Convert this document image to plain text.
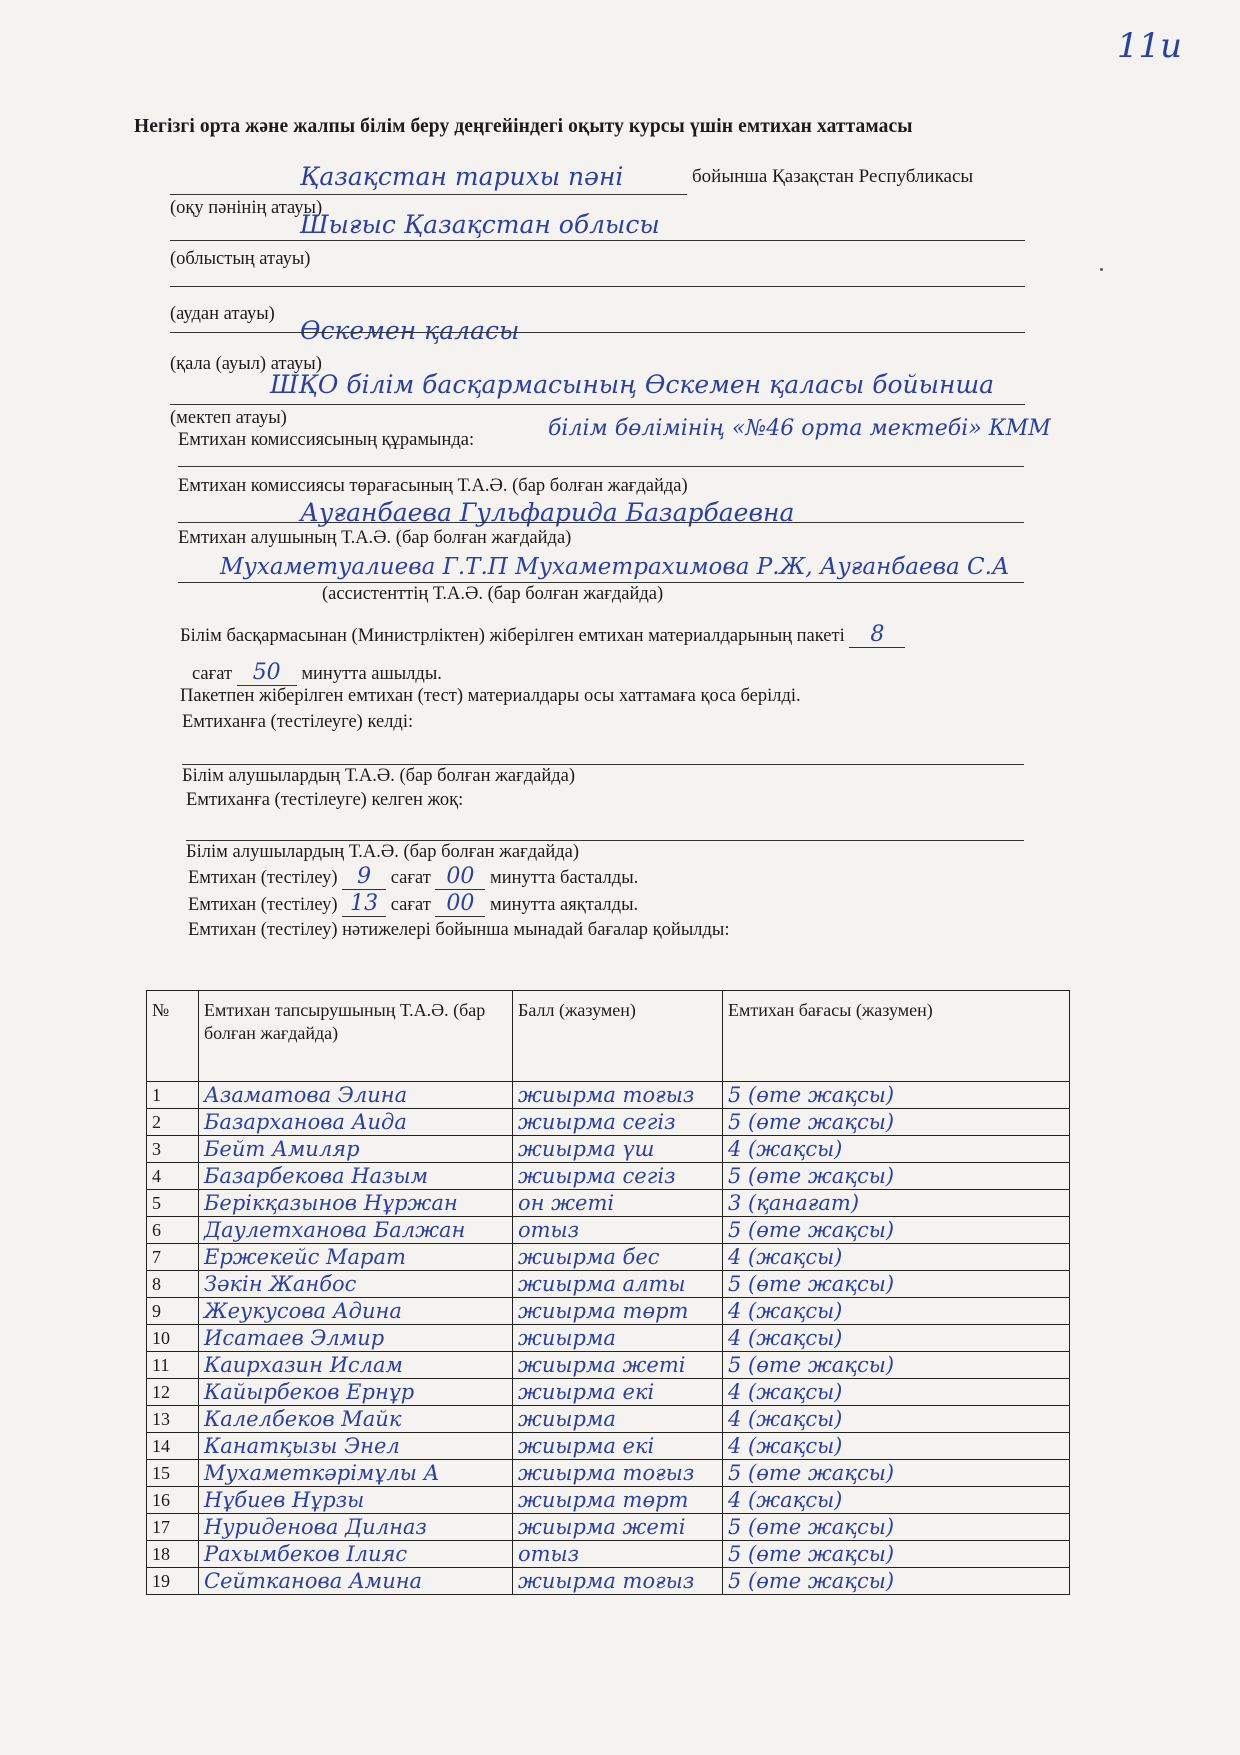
11и
Негізгі орта және жалпы білім беру деңгейіндегі оқыту курсы үшін емтихан хаттамасы
Қазақстан тарихы пәні	бойынша Қазақстан Республикасы
(оқу пәнінің атауы)
Шығыс Қазақстан облысы
(облыстың атауы)
(аудан атауы)
Өскемен қаласы
(қала (ауыл) атауы)
ШҚО білім басқармасының Өскемен қаласы бойынша
(мектеп атауы)
Емтихан комиссиясының құрамында:	білім бөлімінің «№46 орта мектебі» КММ
Емтихан комиссиясы төрағасының Т.А.Ә. (бар болған жағдайда)
Ауғанбаева Гульфарида Базарбаевна
Емтихан алушының Т.А.Ә. (бар болған жағдайда)
Мухаметуалиева Г.Т.П Мухаметрахимова Р.Ж, Ауғанбаева С.А
(ассистенттің Т.А.Ә. (бар болған жағдайда)
Білім басқармасынан (Министрліктен) жіберілген емтихан материалдарының пакеті 8
сағат 50 минутта ашылды.
Пакетпен жіберілген емтихан (тест) материалдары осы хаттамаға қоса берілді.
Емтиханға (тестілеуге) келді:
Білім алушылардың Т.А.Ә. (бар болған жағдайда)
Емтиханға (тестілеуге) келген жоқ:
Білім алушылардың Т.А.Ә. (бар болған жағдайда)
Емтихан (тестілеу) 9 сағат 00 минутта басталды.
Емтихан (тестілеу) 13 сағат 00 минутта аяқталды.
Емтихан (тестілеу) нәтижелері бойынша мынадай бағалар қойылды:
№	Емтихан тапсырушының Т.А.Ә. (бар болған жағдайда)	Балл (жазумен)	Емтихан бағасы (жазумен)
1	Азаматова Элина	жиырма тоғыз	5 (өте жақсы)
2	Базарханова Аида	жиырма сегіз	5 (өте жақсы)
3	Бейт Амиляр	жиырма үш	4 (жақсы)
4	Базарбекова Назым	жиырма сегіз	5 (өте жақсы)
5	Берікқазынов Нұржан	он жеті	3 (қанағат)
6	Даулетханова Балжан	отыз	5 (өте жақсы)
7	Ержекейс Марат	жиырма бес	4 (жақсы)
8	Зәкін Жанбос	жиырма алты	5 (өте жақсы)
9	Жеукусова Адина	жиырма төрт	4 (жақсы)
10	Исатаев Элмир	жиырма	4 (жақсы)
11	Каирхазин Ислам	жиырма жеті	5 (өте жақсы)
12	Кайырбеков Ернұр	жиырма екі	4 (жақсы)
13	Калелбеков Майк	жиырма	4 (жақсы)
14	Канатқызы Энел	жиырма екі	4 (жақсы)
15	Мухаметкәрімұлы А	жиырма тоғыз	5 (өте жақсы)
16	Нұбиев Нұрзы	жиырма төрт	4 (жақсы)
17	Нуриденова Дилназ	жиырма жеті	5 (өте жақсы)
18	Рахымбеков Ілияс	отыз	5 (өте жақсы)
19	Сейтканова Амина	жиырма тоғыз	5 (өте жақсы)
